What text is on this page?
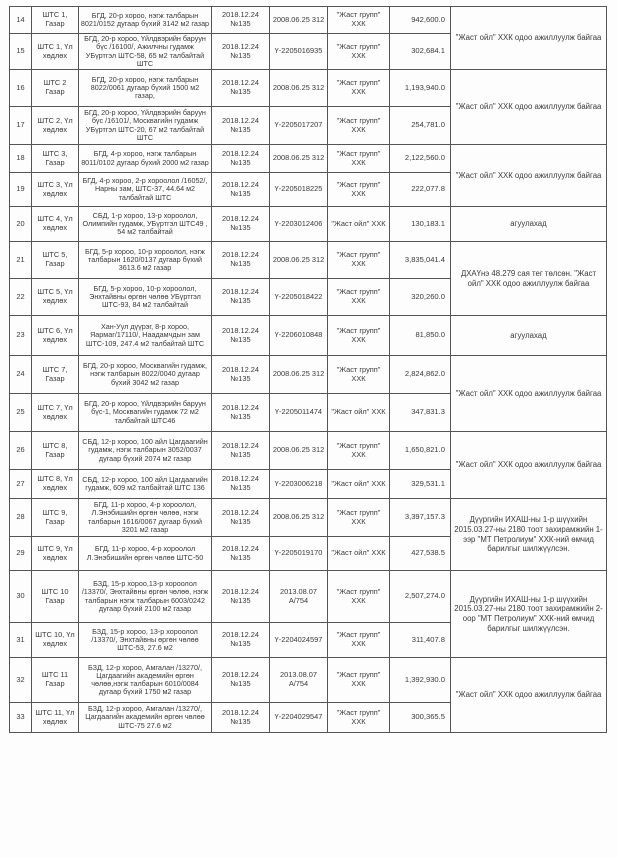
14	ШТС 1, Газар	БГД, 20-р хороо, нэгж талбарын 8021/0152 дугаар бүхий 3142 м2 газар	2018.12.24 №135	2008.06.25 312	"Жаст групп" ХХК	942,600.0	"Жаст ойл" ХХК одоо ажиллуулж байгаа
15	ШТС 1, Үл хөдлөх	БГД, 20-р хороо, Үйлдвэрийн баруун бүс /16100/, Ажилчны гудамж УБүртгэл ШТС-58, 65 м2 талбайтай ШТС	2018.12.24 №135	Ү-2205016935	"Жаст групп" ХХК	302,684.1	
16	ШТС 2 Газар	БГД, 20-р хороо, нэгж талбарын 8022/0061 дугаар бүхий 1500 м2 газар,	2018.12.24 №135	2008.06.25 312	"Жаст групп" ХХК	1,193,940.0	"Жаст ойл" ХХК одоо ажиллуулж байгаа
17	ШТС 2, Үл хөдлөх	БГД, 20-р хороо, Үйлдвэрийн баруун бүс /16101/, Москвагийн гудамж УБүртгэл ШТС-20, 67 м2 талбайтай ШТС	2018.12.24 №135	Ү-2205017207	"Жаст групп" ХХК	254,781.0	
18	ШТС 3, Газар	БГД, 4-р хороо, нэгж талбарын 8011/0102 дугаар бүхий 2000 м2 газар	2018.12.24 №135	2008.06.25 312	"Жаст групп" ХХК	2,122,560.0	"Жаст ойл" ХХК одоо ажиллуулж байгаа
19	ШТС 3, Үл хөдлөх	БГД, 4-р хороо, 2-р хороолол /16052/, Нарны зам, ШТС-37, 44.64 м2 талбайтай ШТС	2018.12.24 №135	Ү-2205018225	"Жаст групп" ХХК	222,077.8	
20	ШТС 4, Үл хөдлөх	СБД, 1-р хороо, 13-р хороолол, Олимпийн гудамж, УБүртгэл ШТС49 , 54 м2 талбайтай	2018.12.24 №135	Ү-2203012406	"Жаст ойл" ХХК	130,183.1	агуулахад
21	ШТС 5, Газар	БГД, 5-р хороо, 10-р хороолол, нэгж талбарын 1620/0137 дугаар бүхий 3613.6 м2 газар	2018.12.24 №135	2008.06.25 312	"Жаст групп" ХХК	3,835,041.4	ДХАҮнэ 48.279 сая тег төлсөн. "Жаст ойл" ХХК одоо ажиллуулж байгаа
22	ШТС 5, Үл хөдлөх	БГД, 5-р хороо, 10-р хороолол, Энхтайвны өргөн чөлөө УБүртгэл ШТС-93, 84 м2 талбайтай	2018.12.24 №135	Ү-2205018422	"Жаст групп" ХХК	320,260.0	
23	ШТС 6, Үл хөдлөх	Хан-Уул дүүрэг, 8-р хороо, Яармаг/17110/, Наадамчдын зам ШТС-109, 247.4 м2 талбайтай ШТС	2018.12.24 №135	Ү-2206010848	"Жаст групп" ХХК	81,850.0	агуулахад
24	ШТС 7, Газар	БГД, 20-р хороо, Москвагийн гудамж, нэгж талбарын 8022/0040 дугаар бүхий 3042 м2 газар	2018.12.24 №135	2008.06.25 312	"Жаст групп" ХХК	2,824,862.0	"Жаст ойл" ХХК одоо ажиллуулж байгаа
25	ШТС 7, Үл хөдлөх	БГД, 20-р хороо, Үйлдвэрийн баруун бүс-1, Москвагийн гудамж 72 м2 талбайтай ШТС46	2018.12.24 №135	Ү-2205011474	"Жаст ойл" ХХК	347,831.3	
26	ШТС 8, Газар	СБД, 12-р хороо, 100 айл Цагдаагийн гудамж, нэгж талбарын 3052/0037 дугаар бүхий 2074 м2 газар	2018.12.24 №135	2008.06.25 312	"Жаст групп" ХХК	1,650,821.0	"Жаст ойл" ХХК одоо ажиллуулж байгаа
27	ШТС 8, Үл хөдлөх	СБД, 12-р хороо, 100 айл Цагдаагийн гудамж, 609 м2 талбайтай ШТС 136	2018.12.24 №135	Ү-2203006218	"Жаст ойл" ХХК	329,531.1	
28	ШТС 9, Газар	БГД, 11-р хороо, 4-р хороолол, Л.Энэбишийн өргөн чөлөө, нэгж талбарын 1616/0067 дугаар бүхий 3201 м2 газар	2018.12.24 №135	2008.06.25 312	"Жаст групп" ХХК	3,397,157.3	Дүүргийн ИХАШ-ны 1-р шүүхийн 2015.03.27-ны 2180 тоот захирамжийн 1-ээр "МТ Петролиум" ХХК-ний өмчид барилгыг шилжүүлсэн.
29	ШТС 9, Үл хөдлөх	БГД, 11-р хороо, 4-р хороолол Л.Энэбишийн өргөн чөлөө ШТС-50	2018.12.24 №135	Ү-2205019170	"Жаст ойл" ХХК	427,538.5	
30	ШТС 10 Газар	БЗД, 15-р хороо,13-р хороолол /13370/, Энхтайвны өргөн чөлөө, нэгж талбарын нэгж талбарын 6003/0242 дугаар бүхий 2100 м2 газар	2018.12.24 №135	2013.08.07 А/754	"Жаст групп" ХХК	2,507,274.0	Дүүргийн ИХАШ-ны 1-р шүүхийн 2015.03.27-ны 2180 тоот захирамжийн 2-оор "МТ Петролиум" ХХК-ний өмчид барилгыг шилжүүлсэн.
31	ШТС 10, Үл хөдлөх	БЗД, 15-р хороо, 13-р хороолол /13370/, Энхтайвны өргөн чөлөө ШТС-53, 27.6 м2	2018.12.24 №135	Ү-2204024597	"Жаст групп" ХХК	311,407.8	
32	ШТС 11 Газар	БЗД, 12-р хороо, Амгалан /13270/, Цагдаагийн академийн өргөн чөлөө,нэгж талбарын 6010/0084 дугаар бүхий 1750 м2 газар	2018.12.24 №135	2013.08.07 А/754	"Жаст групп" ХХК	1,392,930.0	"Жаст ойл" ХХК одоо ажиллуулж байгаа
33	ШТС 11, Үл хөдлөх	БЗД, 12-р хороо, Амгалан /13270/, Цагдаагийн академийн өргөн чөлөө ШТС-75 27.6 м2	2018.12.24 №135	Ү-2204029547	"Жаст групп" ХХК	300,365.5	
